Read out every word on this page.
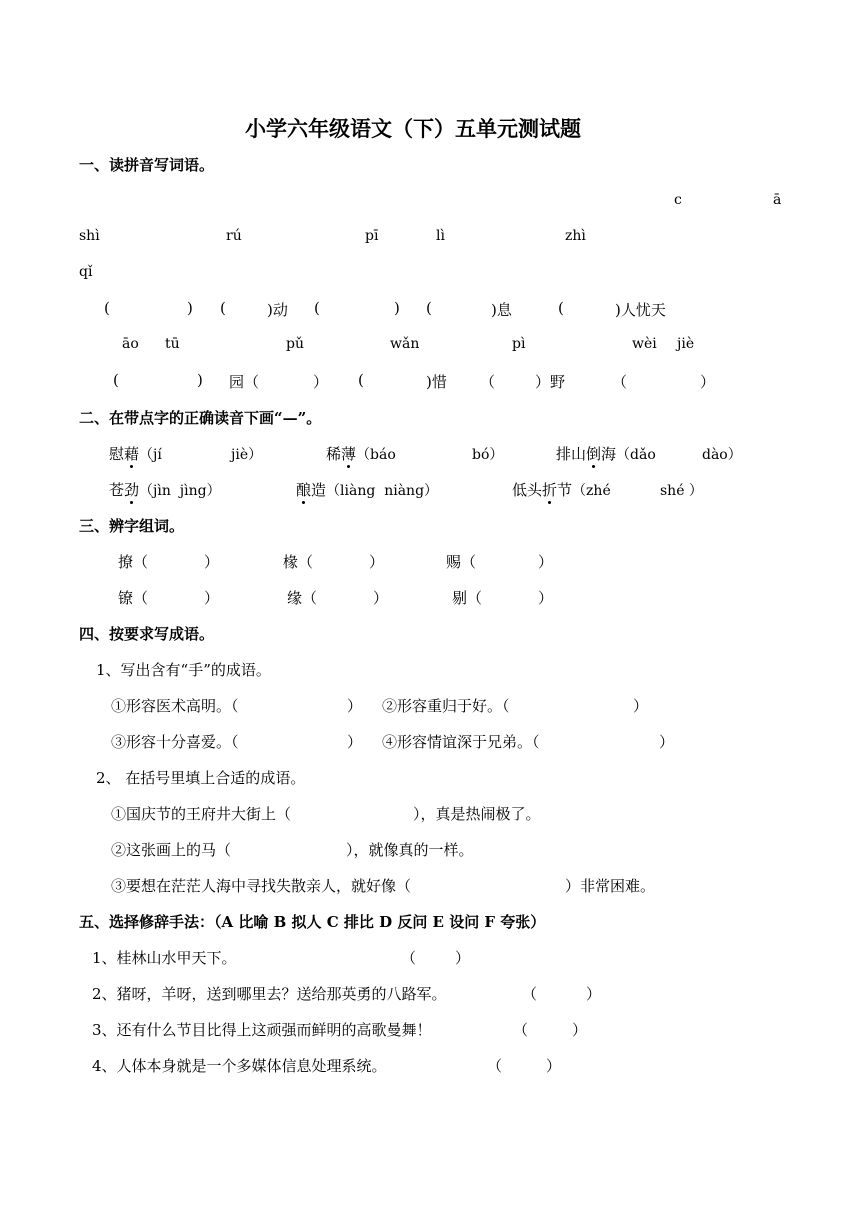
小学六年级语文（下）五单元测试题
一、读拼音写词语。
c	ā
shì	rú	pī	lì	zhì
qǐ
(	) (	)动 (	) (	)息	(	)人忧天
āo tū	pǔ	wǎn	pì	wèi jiè
(	) 园（	） (	)惜 （	）野	（	）
二、在带点字的正确读音下画“—”。
慰藉（jí	jiè）	稀薄（báo	bó）	排山倒海（dǎo	dào）
苍劲（jìn  jìng）	酿造（liàng  niàng）	低头折节（zhé	shé ）
三、辨字组词。
撩（	）	椽（	）	赐（	）
镣（	）	缘（	）	剔（	）
四、按要求写成语。
1、写出含有“手”的成语。
①形容医术高明。（	） ②形容重归于好。（	）
③形容十分喜爱。（	） ④形容情谊深于兄弟。（	）
2、 在括号里填上合适的成语。
①国庆节的王府井大街上（	），真是热闹极了。
②这张画上的马（	），就像真的一样。
③要想在茫茫人海中寻找失散亲人，就好像（	）非常困难。
五、选择修辞手法：（A 比喻 B 拟人 C 排比 D 反问 E 设问 F 夸张）
1、桂林山水甲天下。	（	）
2、猪呀，羊呀，送到哪里去？送给那英勇的八路军。	（	）
3、还有什么节目比得上这顽强而鲜明的高歌曼舞！	（	）
4、人体本身就是一个多媒体信息处理系统。	（	）
